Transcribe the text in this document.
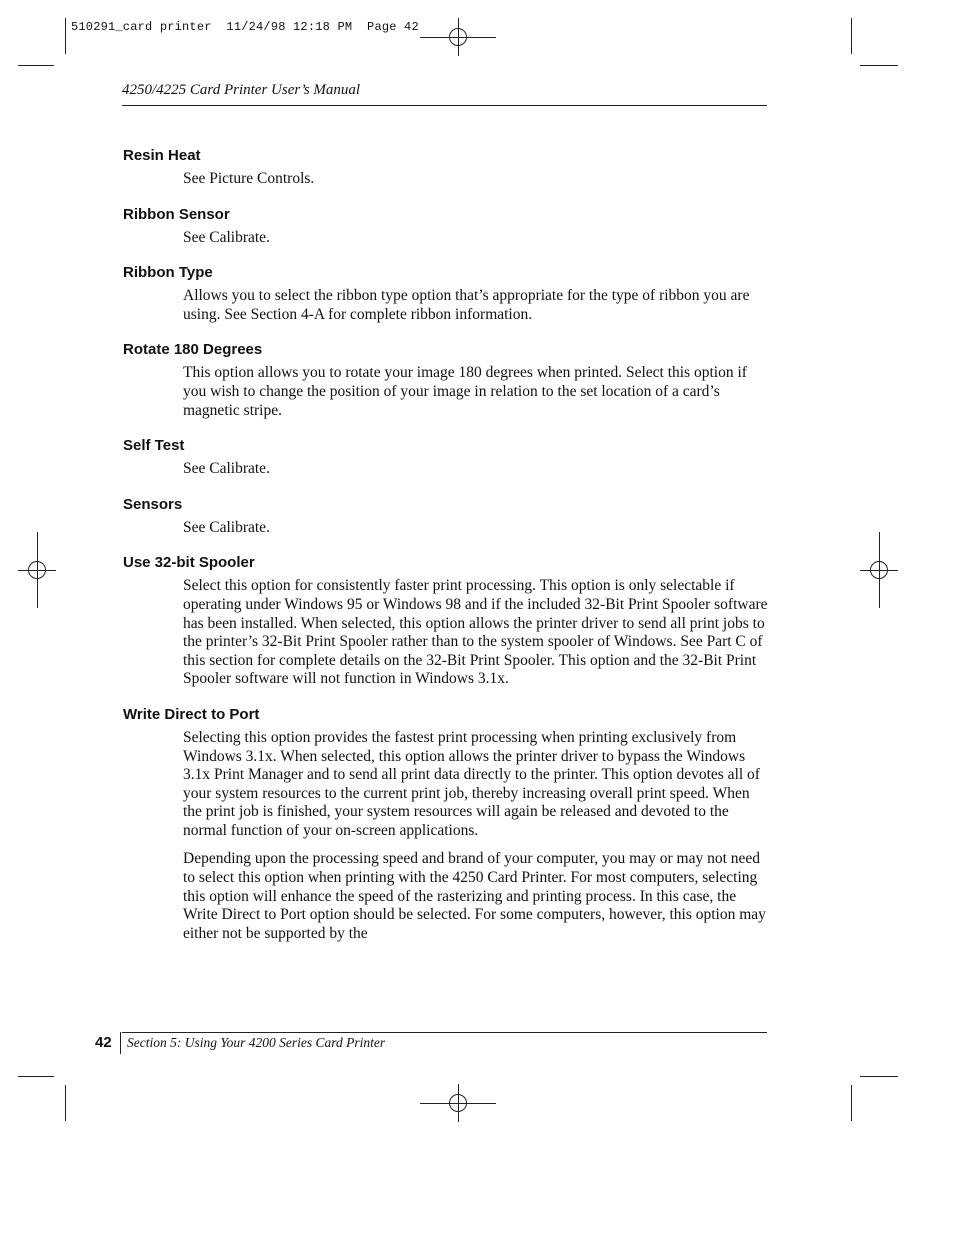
510291_card printer  11/24/98 12:18 PM  Page 42
4250/4225 Card Printer User’s Manual
Resin Heat

See Picture Controls.

Ribbon Sensor

See Calibrate.

Ribbon Type

Allows you to select the ribbon type option that’s appropriate for the type of ribbon you are using. See Section 4-A for complete ribbon information.

Rotate 180 Degrees

This option allows you to rotate your image 180 degrees when printed. Select this option if you wish to change the position of your image in relation to the set location of a card’s magnetic stripe.

Self Test

See Calibrate.

Sensors

See Calibrate.

Use 32-bit Spooler

Select this option for consistently faster print processing. This option is only selectable if operating under Windows 95 or Windows 98 and if the included 32-Bit Print Spooler software has been installed. When selected, this option allows the printer driver to send all print jobs to the printer’s 32-Bit Print Spooler rather than to the system spooler of Windows. See Part C of this section for complete details on the 32-Bit Print Spooler. This option and the 32-Bit Print Spooler software will not function in Windows 3.1x.

Write Direct to Port

Selecting this option provides the fastest print processing when printing exclusively from Windows 3.1x. When selected, this option allows the printer driver to bypass the Windows 3.1x Print Manager and to send all print data directly to the printer. This option devotes all of your system resources to the current print job, thereby increasing overall print speed. When the print job is finished, your system resources will again be released and devoted to the normal function of your on-screen applications.

Depending upon the processing speed and brand of your computer, you may or may not need to select this option when printing with the 4250 Card Printer. For most computers, selecting this option will enhance the speed of the rasterizing and printing process. In this case, the Write Direct to Port option should be selected. For some computers, however, this option may either not be supported by the

42 Section 5: Using Your 4200 Series Card Printer
